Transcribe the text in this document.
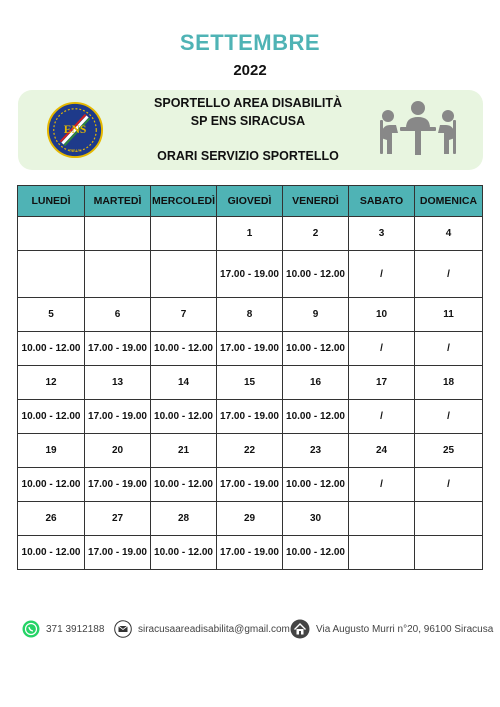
SETTEMBRE
2022
ENS
ONLUS
SPORTELLO AREA DISABILITÀ
SP ENS SIRACUSA
ORARI SERVIZIO SPORTELLO
LUNEDÌ	MARTEDÌ	MERCOLEDÌ	GIOVEDÌ	VENERDÌ	SABATO	DOMENICA
			1	2	3	4
			17.00 - 19.00	10.00 - 12.00	/	/
5	6	7	8	9	10	11
10.00 - 12.00	17.00 - 19.00	10.00 - 12.00	17.00 - 19.00	10.00 - 12.00	/	/
12	13	14	15	16	17	18
10.00 - 12.00	17.00 - 19.00	10.00 - 12.00	17.00 - 19.00	10.00 - 12.00	/	/
19	20	21	22	23	24	25
10.00 - 12.00	17.00 - 19.00	10.00 - 12.00	17.00 - 19.00	10.00 - 12.00	/	/
26	27	28	29	30		
10.00 - 12.00	17.00 - 19.00	10.00 - 12.00	17.00 - 19.00	10.00 - 12.00		
371 3912188	siracusaareadisabilita@gmail.com	Via Augusto Murri n°20, 96100 Siracusa
